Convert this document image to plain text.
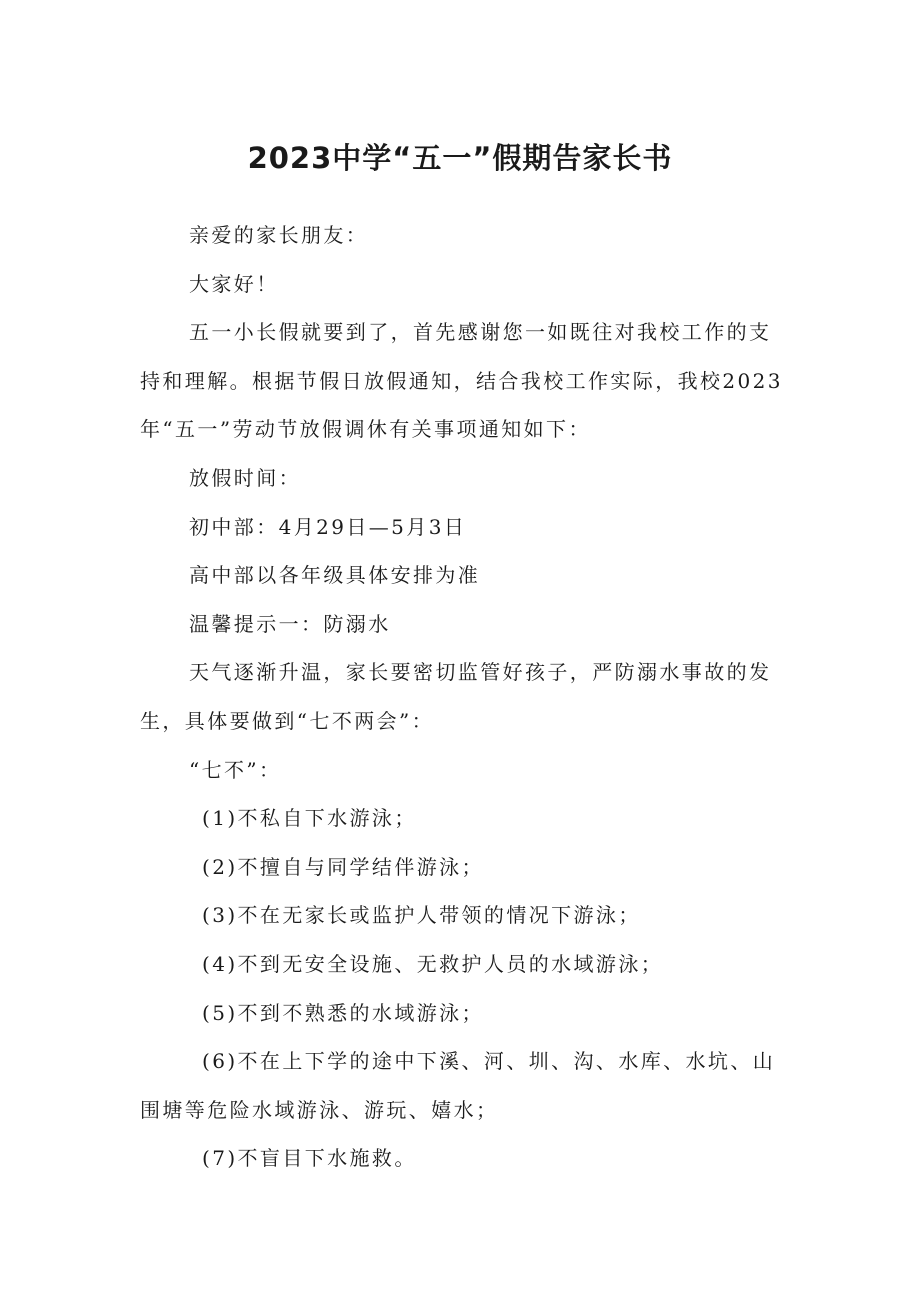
2023中学“五一”假期告家长书

亲爱的家长朋友：

大家好！

五一小长假就要到了，首先感谢您一如既往对我校工作的支

持和理解。根据节假日放假通知，结合我校工作实际，我校2023

年“五一”劳动节放假调休有关事项通知如下：

放假时间：

初中部：4月29日—5月3日

高中部以各年级具体安排为准

温馨提示一：防溺水

天气逐渐升温，家长要密切监管好孩子，严防溺水事故的发

生，具体要做到“七不两会”：

“七不”：

(1)不私自下水游泳；

(2)不擅自与同学结伴游泳；

(3)不在无家长或监护人带领的情况下游泳；

(4)不到无安全设施、无救护人员的水域游泳；

(5)不到不熟悉的水域游泳；

(6)不在上下学的途中下溪、河、圳、沟、水库、水坑、山

围塘等危险水域游泳、游玩、嬉水；

(7)不盲目下水施救。
